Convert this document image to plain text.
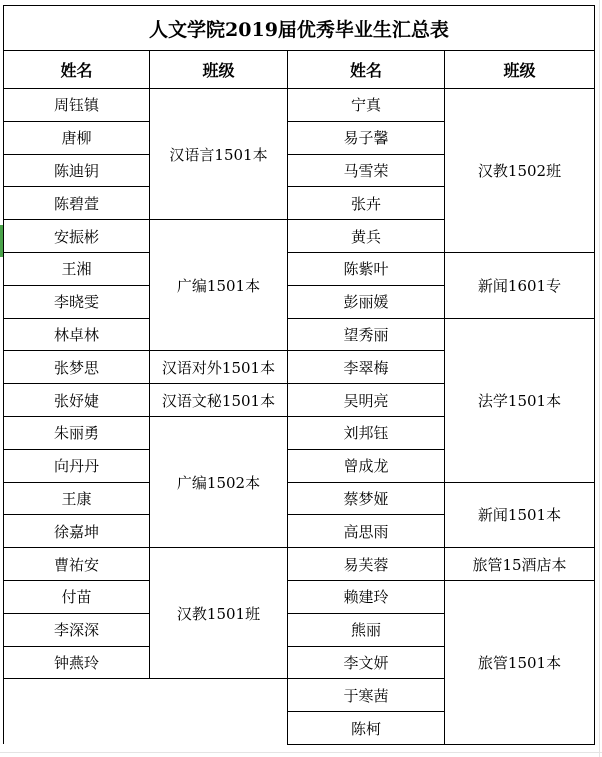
人文学院2019届优秀毕业生汇总表				
姓名	班级	姓名	班级	
周钰镇	汉语言1501本	宁真	汉教1502班	
唐柳		易子馨		
陈迪钥		马雪荣		
陈碧萱		张卉		
安振彬	广编1501本	黄兵		
王湘		陈紫叶	新闻1601专	
李晓雯		彭丽媛		
林卓林		望秀丽	法学1501本	
张梦思	汉语对外1501本	李翠梅		
张妤婕	汉语文秘1501本	吴明亮		
朱丽勇	广编1502本	刘邦钰		
向丹丹		曾成龙		
王康		蔡梦娅	新闻1501本	
徐嘉坤		高思雨		
曹祐安	汉教1501班	易芙蓉	旅管15酒店本	
付苗		赖建玲	旅管1501本	
李深深		熊丽		
钟燕玲		李文妍		
		于寒茜		
		陈柯		
